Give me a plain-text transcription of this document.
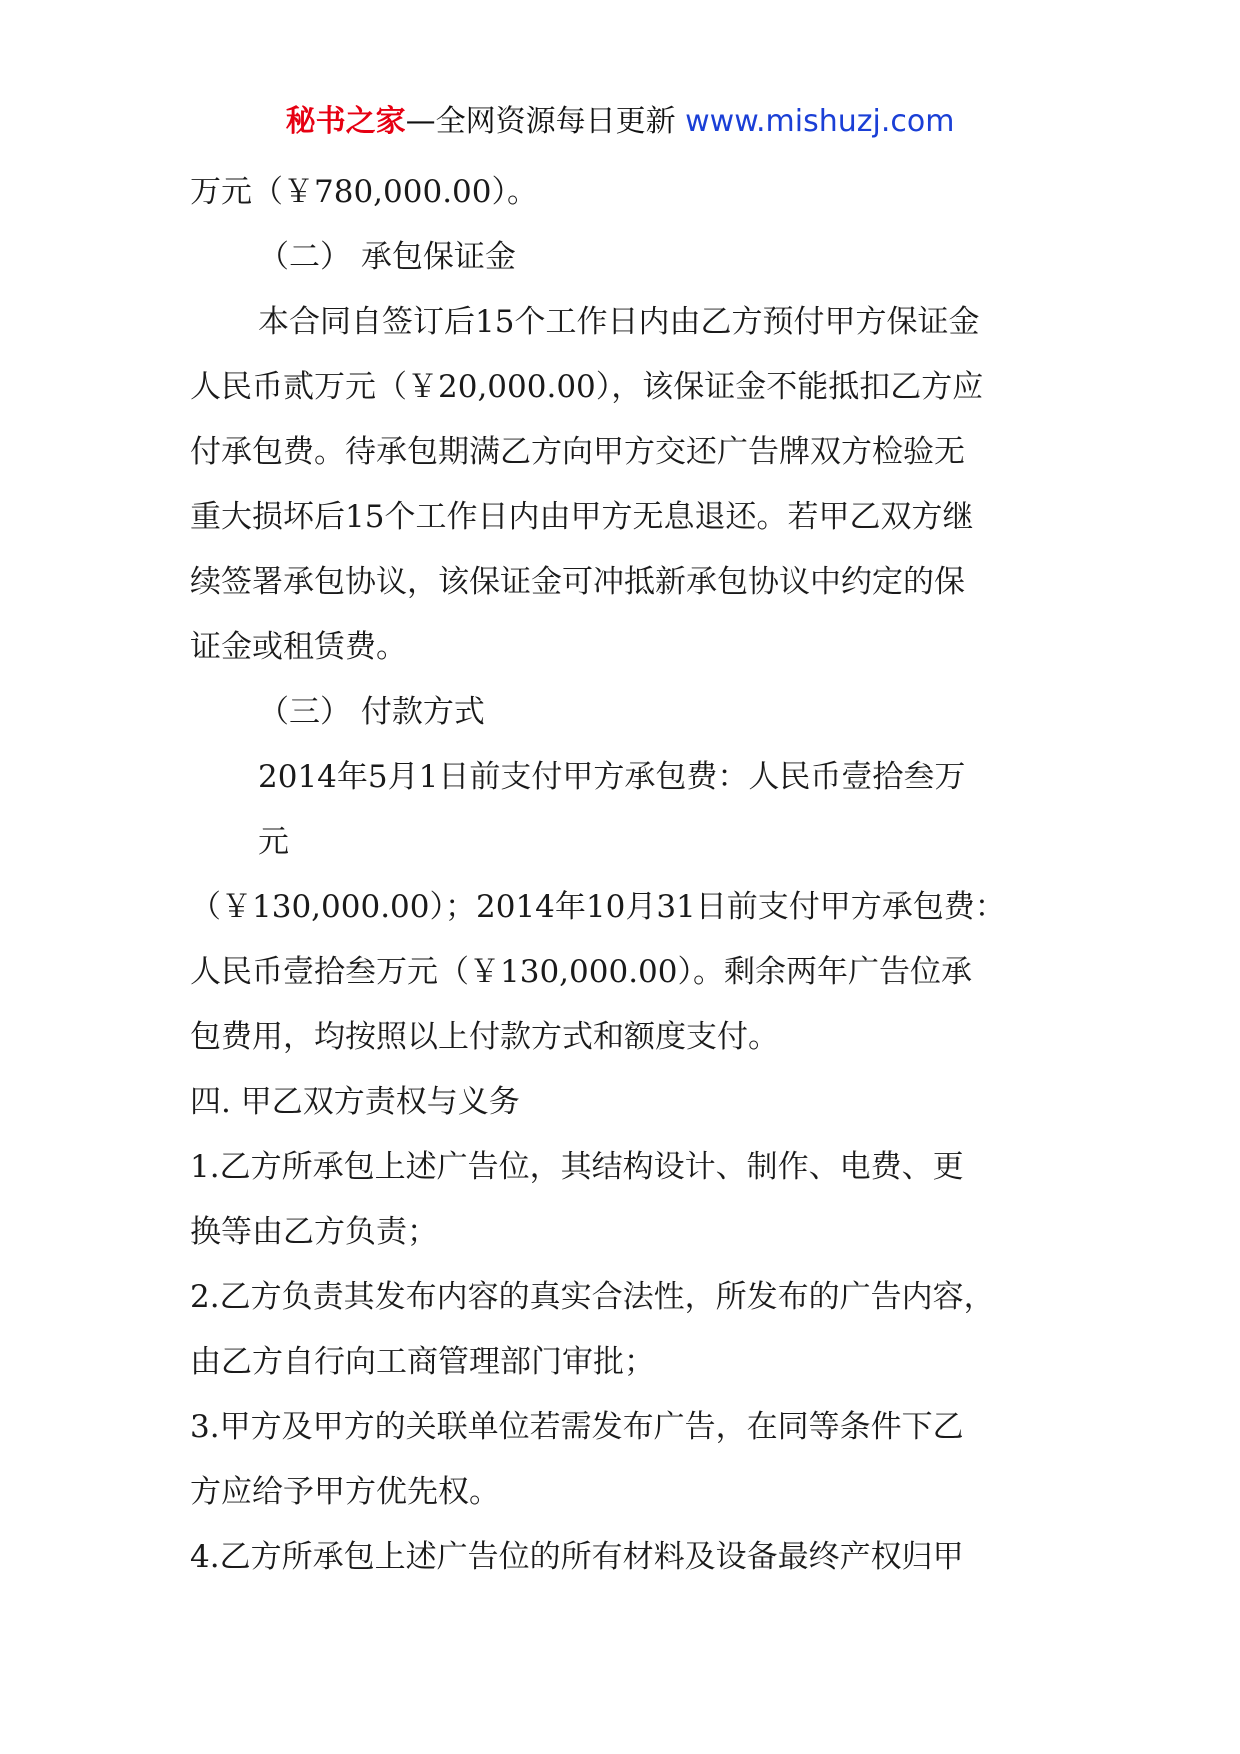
秘书之家—全网资源每日更新 www.mishuzj.com
万元（￥780,000.00）。
（二） 承包保证金
本合同自签订后15个工作日内由乙方预付甲方保证金
人民币贰万元（￥20,000.00），该保证金不能抵扣乙方应
付承包费。待承包期满乙方向甲方交还广告牌双方检验无
重大损坏后15个工作日内由甲方无息退还。若甲乙双方继
续签署承包协议，该保证金可冲抵新承包协议中约定的保
证金或租赁费。
（三） 付款方式
2014年5月1日前支付甲方承包费：人民币壹拾叁万
元
（￥130,000.00）；2014年10月31日前支付甲方承包费：
人民币壹拾叁万元（￥130,000.00）。剩余两年广告位承
包费用，均按照以上付款方式和额度支付。
四. 甲乙双方责权与义务
1.乙方所承包上述广告位，其结构设计、制作、电费、更
换等由乙方负责；
2.乙方负责其发布内容的真实合法性，所发布的广告内容，
由乙方自行向工商管理部门审批；
3.甲方及甲方的关联单位若需发布广告，在同等条件下乙
方应给予甲方优先权。
4.乙方所承包上述广告位的所有材料及设备最终产权归甲
